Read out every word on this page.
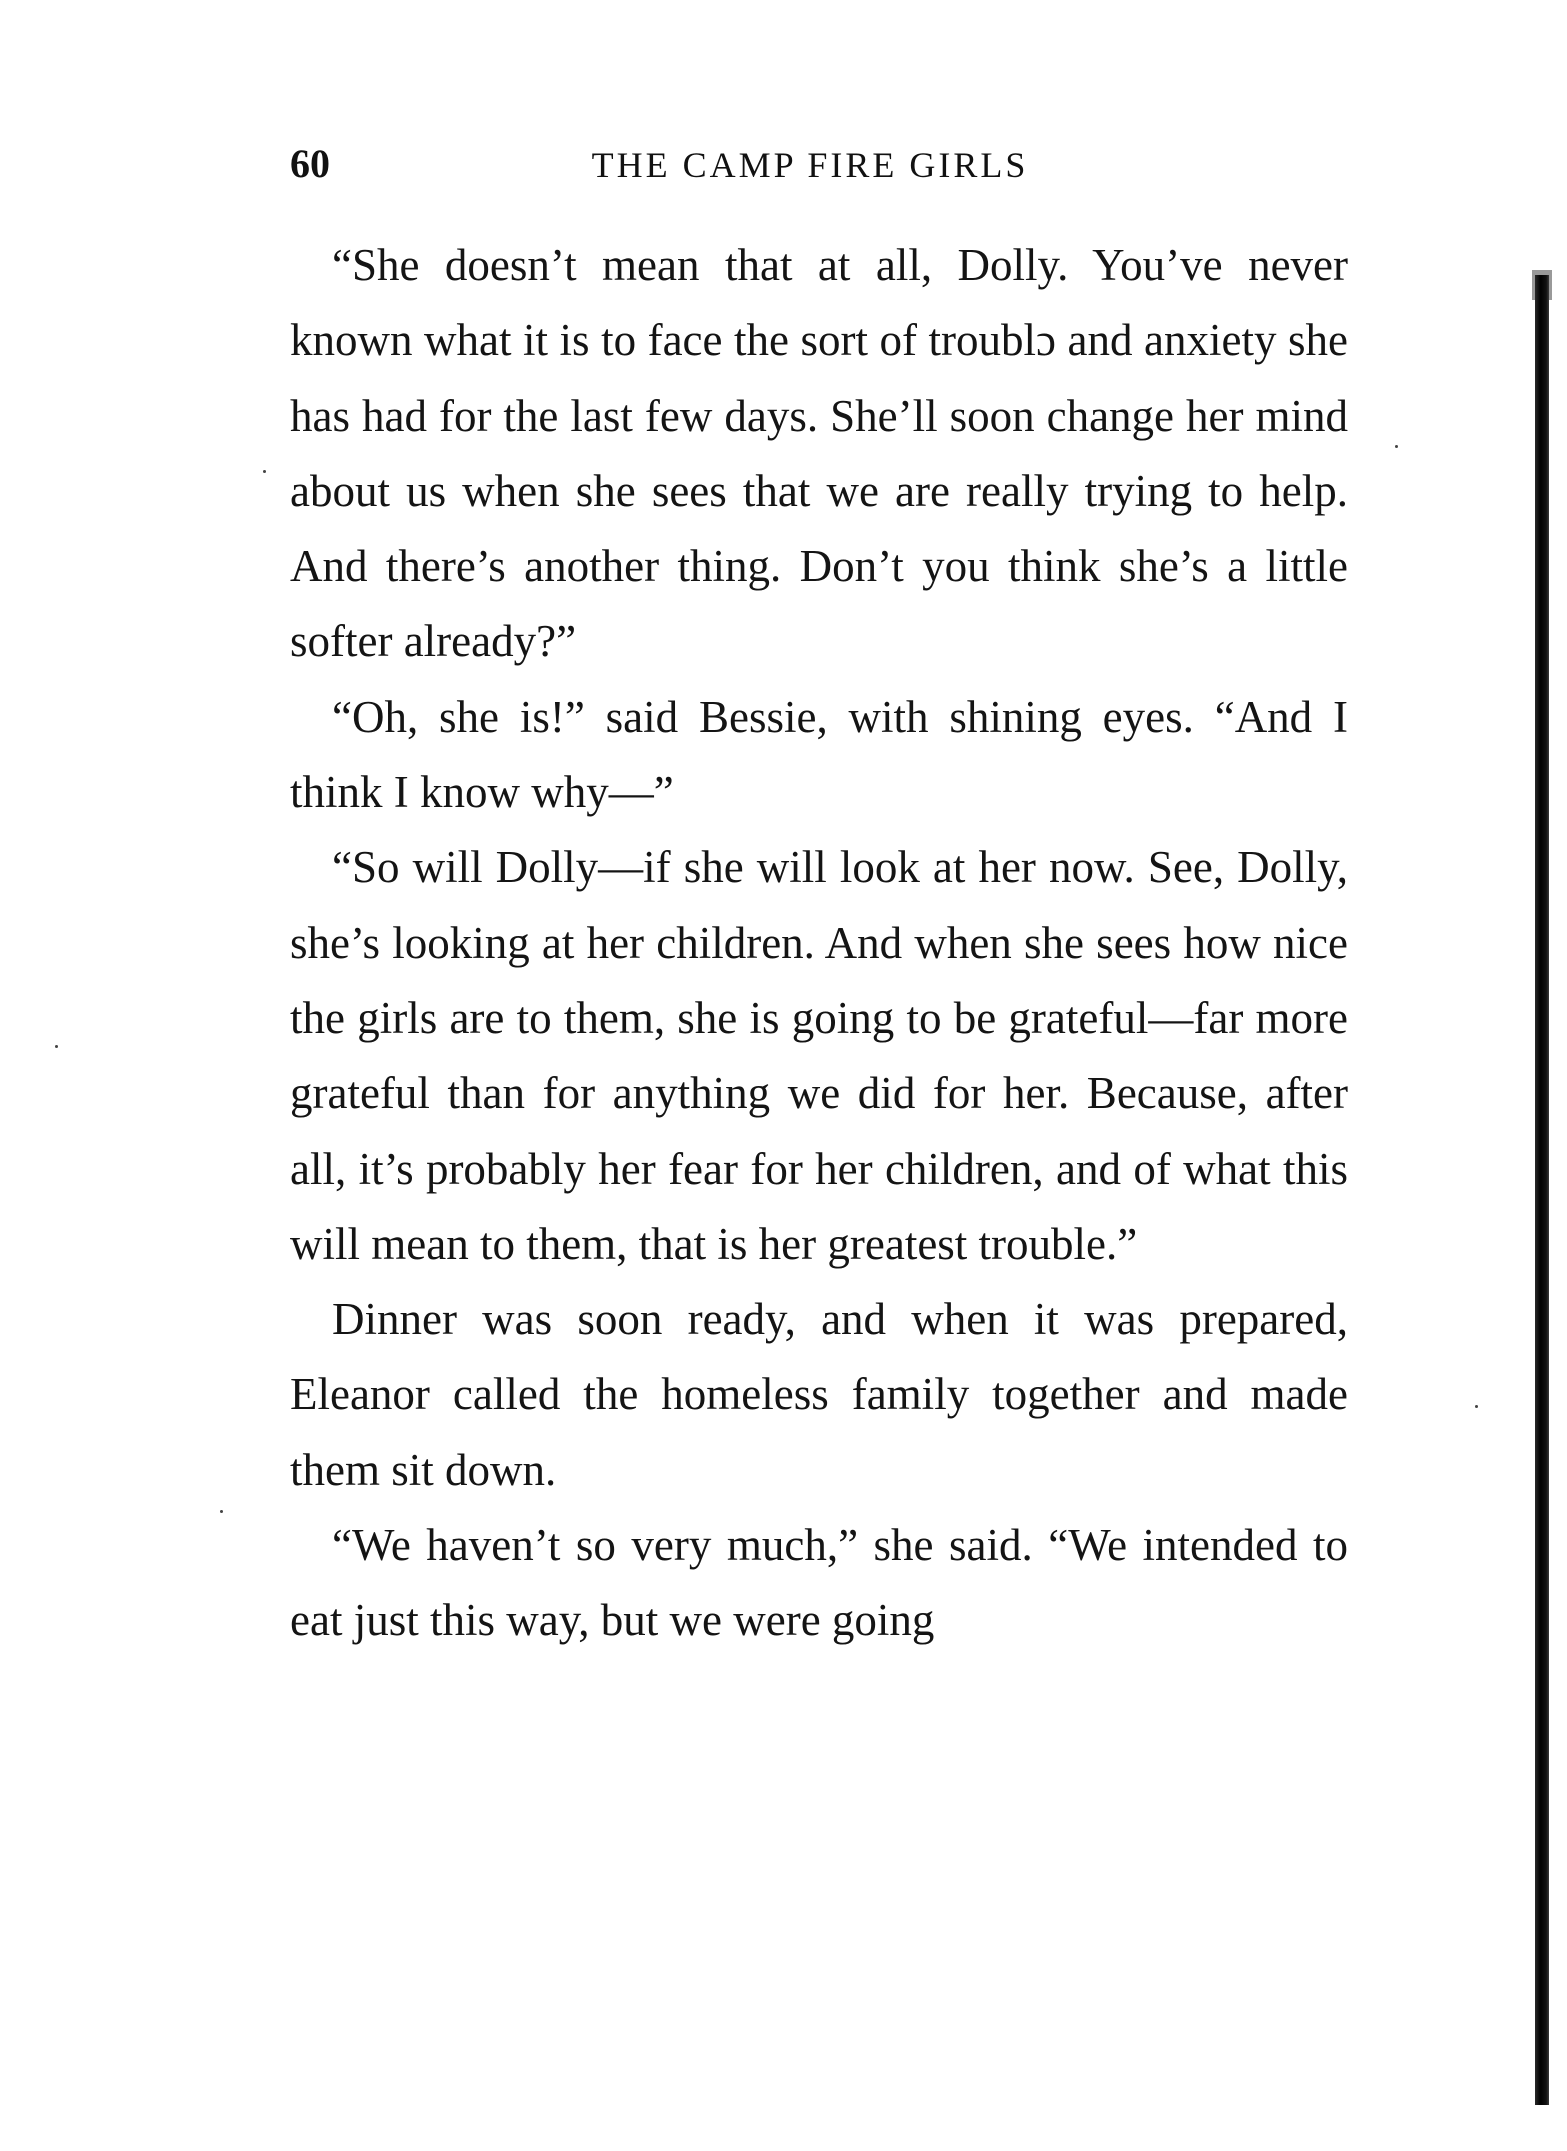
60	THE CAMP FIRE GIRLS

“She doesn’t mean that at all, Dolly. You’ve never known what it is to face the sort of troublɔ and anxiety she has had for the last few days. She’ll soon change her mind about us when she sees that we are really trying to help. And there’s another thing. Don’t you think she’s a little softer already?”

“Oh, she is!” said Bessie, with shining eyes. “And I think I know why—”

“So will Dolly—if she will look at her now. See, Dolly, she’s looking at her children. And when she sees how nice the girls are to them, she is going to be grateful—far more grateful than for anything we did for her. Because, after all, it’s probably her fear for her children, and of what this will mean to them, that is her greatest trouble.”

Dinner was soon ready, and when it was prepared, Eleanor called the homeless family together and made them sit down.

“We haven’t so very much,” she said. “We intended to eat just this way, but we were going
